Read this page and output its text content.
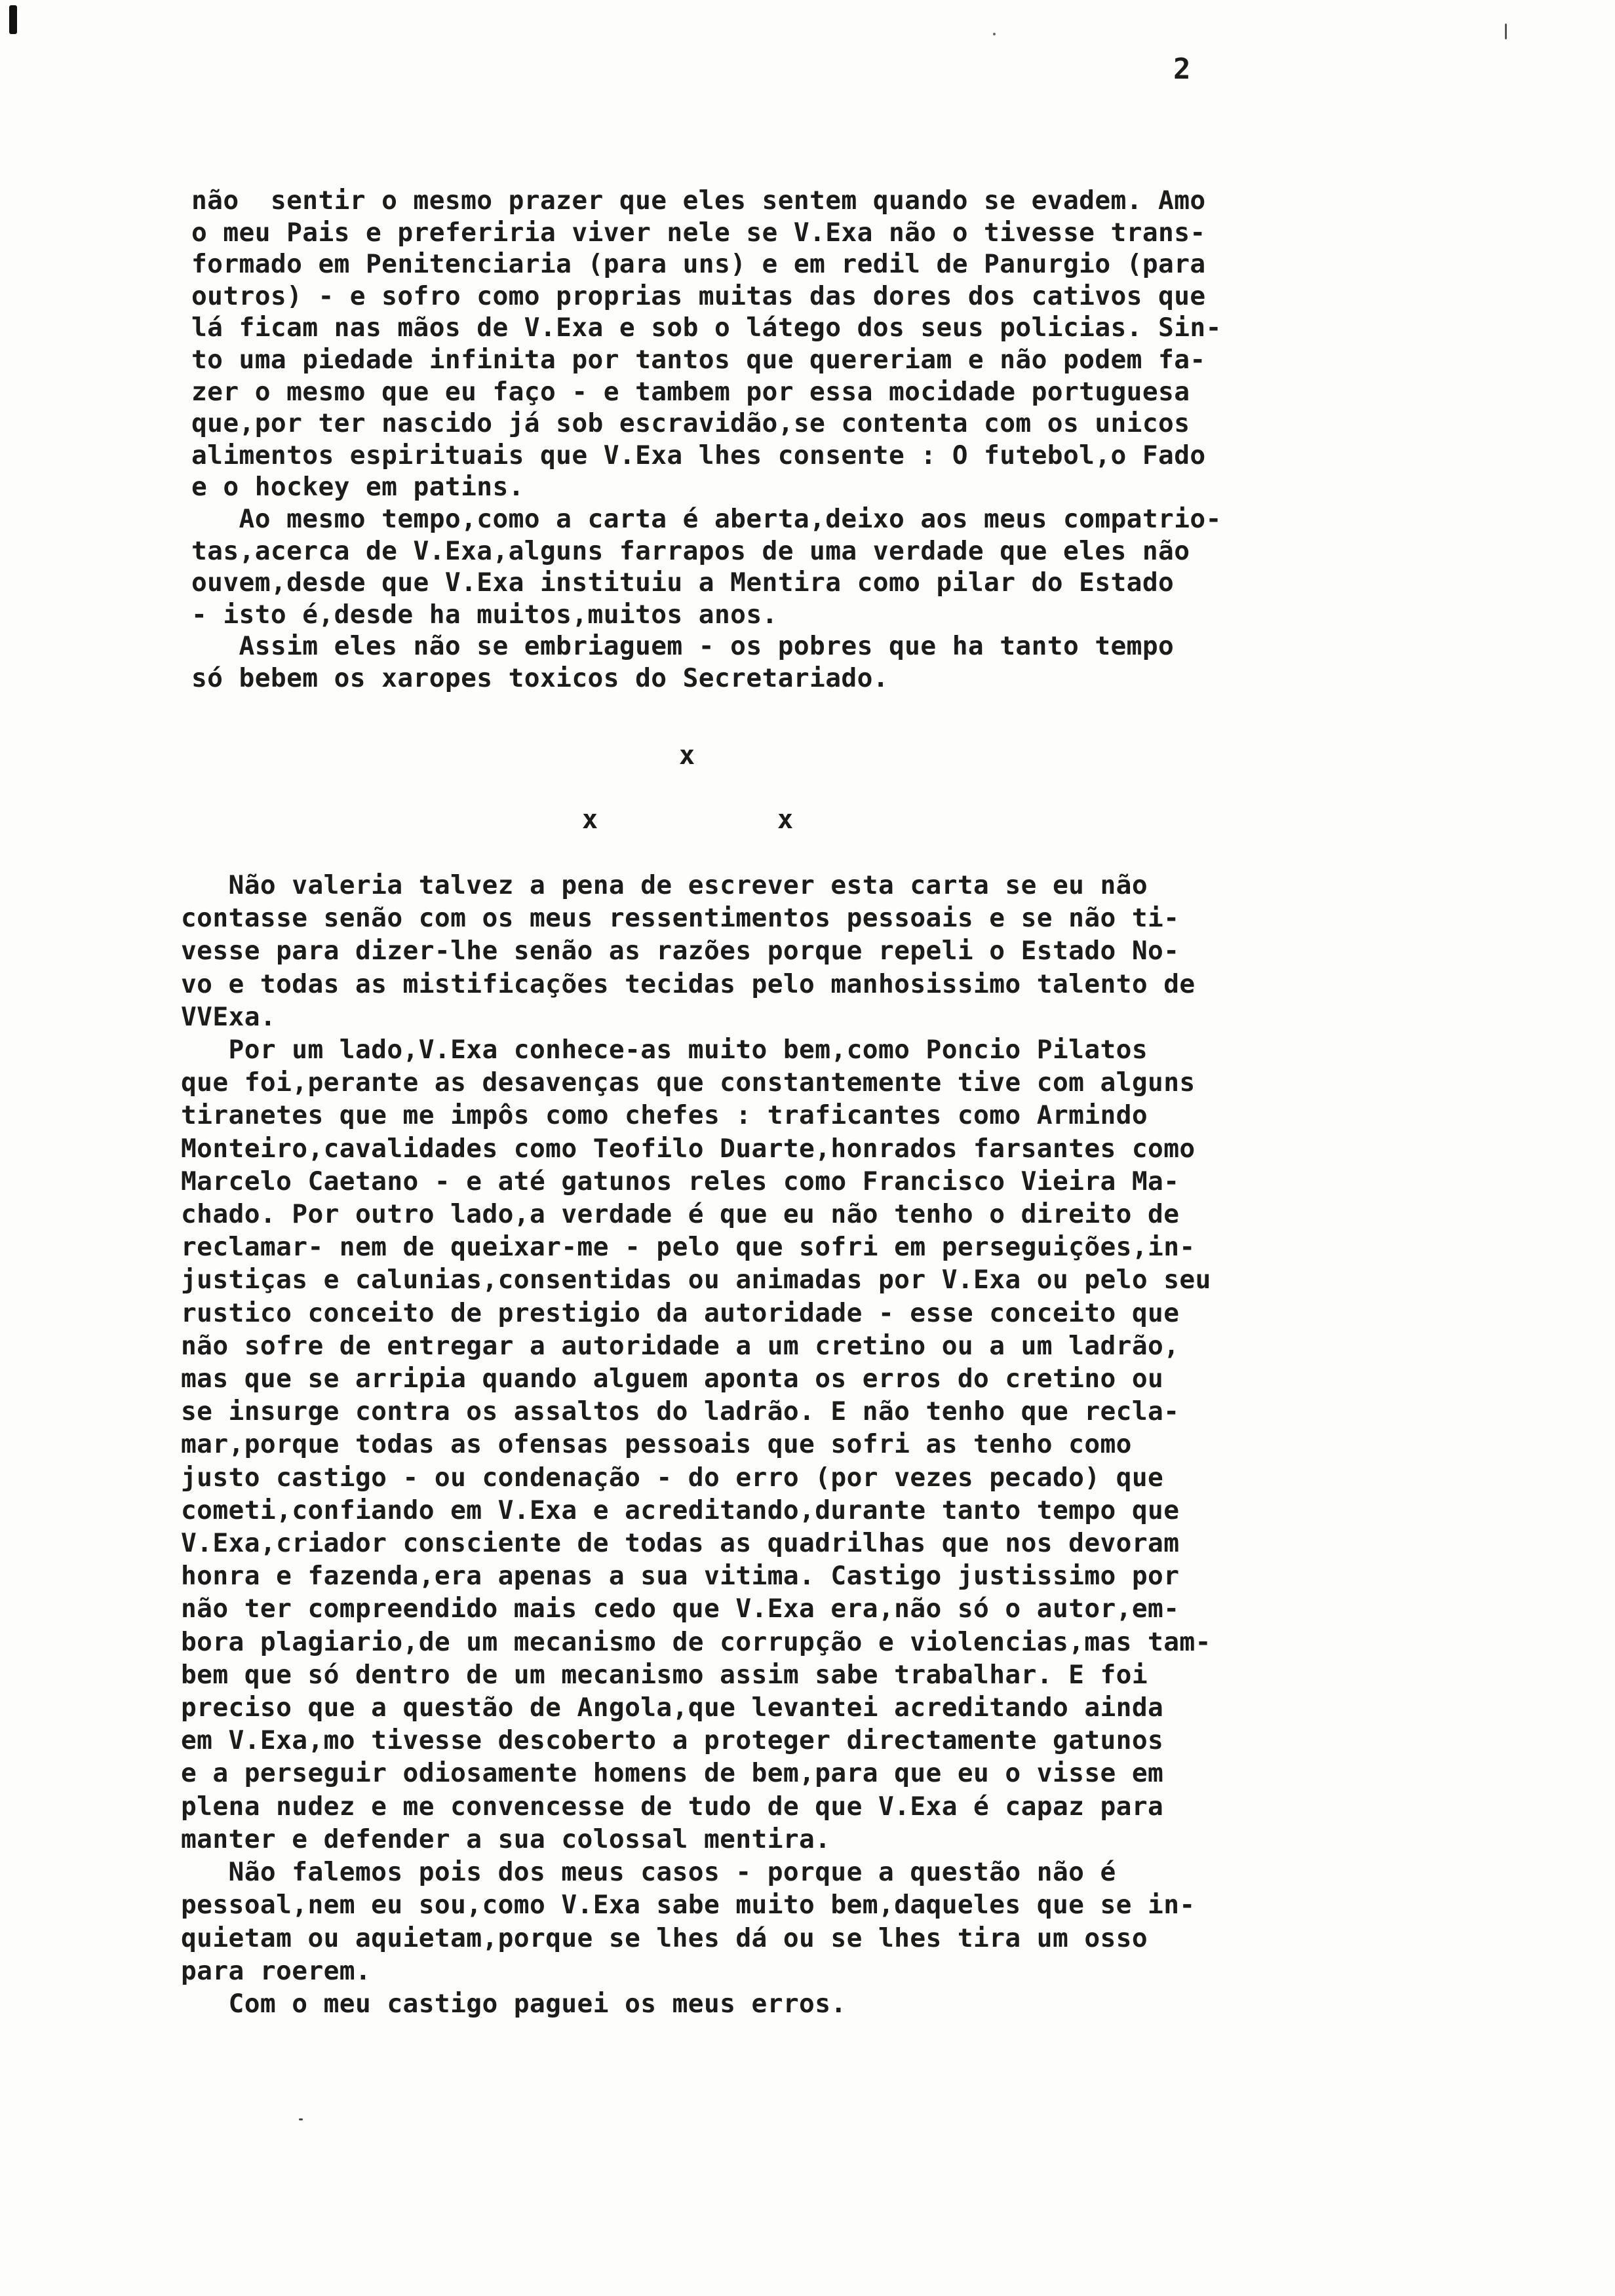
2
não  sentir o mesmo prazer que eles sentem quando se evadem. Amo
o meu Pais e preferiria viver nele se V.Exa não o tivesse trans-
formado em Penitenciaria (para uns) e em redil de Panurgio (para
outros) - e sofro como proprias muitas das dores dos cativos que
lá ficam nas mãos de V.Exa e sob o látego dos seus policias. Sin-
to uma piedade infinita por tantos que quereriam e não podem fa-
zer o mesmo que eu faço - e tambem por essa mocidade portuguesa
que,por ter nascido já sob escravidão,se contenta com os unicos
alimentos espirituais que V.Exa lhes consente : O futebol,o Fado
e o hockey em patins.
Ao mesmo tempo,como a carta é aberta,deixo aos meus compatrio-
tas,acerca de V.Exa,alguns farrapos de uma verdade que eles não
ouvem,desde que V.Exa instituiu a Mentira como pilar do Estado
- isto é,desde ha muitos,muitos anos.
Assim eles não se embriaguem - os pobres que ha tanto tempo
só bebem os xaropes toxicos do Secretariado.
x
x	x
Não valeria talvez a pena de escrever esta carta se eu não
contasse senão com os meus ressentimentos pessoais e se não ti-
vesse para dizer-lhe senão as razões porque repeli o Estado No-
vo e todas as mistificações tecidas pelo manhosissimo talento de
VVExa.
Por um lado,V.Exa conhece-as muito bem,como Poncio Pilatos
que foi,perante as desavenças que constantemente tive com alguns
tiranetes que me impôs como chefes : traficantes como Armindo
Monteiro,cavalidades como Teofilo Duarte,honrados farsantes como
Marcelo Caetano - e até gatunos reles como Francisco Vieira Ma-
chado. Por outro lado,a verdade é que eu não tenho o direito de
reclamar- nem de queixar-me - pelo que sofri em perseguições,in-
justiças e calunias,consentidas ou animadas por V.Exa ou pelo seu
rustico conceito de prestigio da autoridade - esse conceito que
não sofre de entregar a autoridade a um cretino ou a um ladrão,
mas que se arripia quando alguem aponta os erros do cretino ou
se insurge contra os assaltos do ladrão. E não tenho que recla-
mar,porque todas as ofensas pessoais que sofri as tenho como
justo castigo - ou condenação - do erro (por vezes pecado) que
cometi,confiando em V.Exa e acreditando,durante tanto tempo que
V.Exa,criador consciente de todas as quadrilhas que nos devoram
honra e fazenda,era apenas a sua vitima. Castigo justissimo por
não ter compreendido mais cedo que V.Exa era,não só o autor,em-
bora plagiario,de um mecanismo de corrupção e violencias,mas tam-
bem que só dentro de um mecanismo assim sabe trabalhar. E foi
preciso que a questão de Angola,que levantei acreditando ainda
em V.Exa,mo tivesse descoberto a proteger directamente gatunos
e a perseguir odiosamente homens de bem,para que eu o visse em
plena nudez e me convencesse de tudo de que V.Exa é capaz para
manter e defender a sua colossal mentira.
Não falemos pois dos meus casos - porque a questão não é
pessoal,nem eu sou,como V.Exa sabe muito bem,daqueles que se in-
quietam ou aquietam,porque se lhes dá ou se lhes tira um osso
para roerem.
Com o meu castigo paguei os meus erros.
